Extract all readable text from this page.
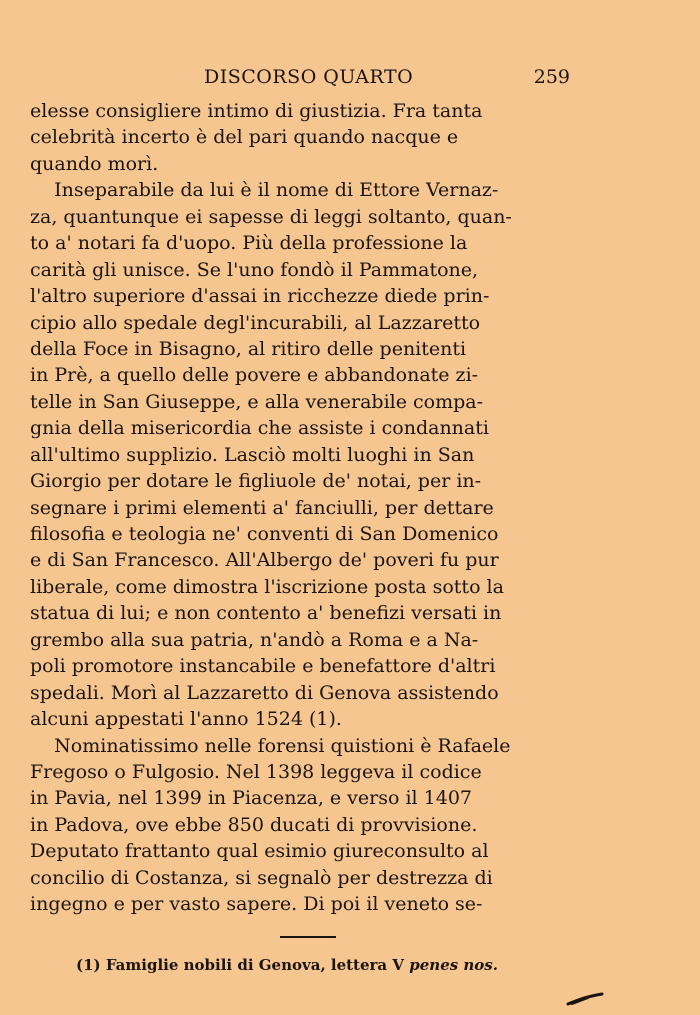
DISCORSO QUARTO	259
elesse consigliere intimo di giustizia. Fra tanta
celebrità incerto è del pari quando nacque e
quando morì.
Inseparabile da lui è il nome di Ettore Vernaz-
za, quantunque ei sapesse di leggi soltanto, quan-
to a' notari fa d'uopo. Più della professione la
carità gli unisce. Se l'uno fondò il Pammatone,
l'altro superiore d'assai in ricchezze diede prin-
cipio allo spedale degl'incurabili, al Lazzaretto
della Foce in Bisagno, al ritiro delle penitenti
in Prè, a quello delle povere e abbandonate zi-
telle in San Giuseppe, e alla venerabile compa-
gnia della misericordia che assiste i condannati
all'ultimo supplizio. Lasciò molti luoghi in San
Giorgio per dotare le figliuole de' notai, per in-
segnare i primi elementi a' fanciulli, per dettare
filosofia e teologia ne' conventi di San Domenico
e di San Francesco. All'Albergo de' poveri fu pur
liberale, come dimostra l'iscrizione posta sotto la
statua di lui; e non contento a' benefizi versati in
grembo alla sua patria, n'andò a Roma e a Na-
poli promotore instancabile e benefattore d'altri
spedali. Morì al Lazzaretto di Genova assistendo
alcuni appestati l'anno 1524 (1).
Nominatissimo nelle forensi quistioni è Rafaele
Fregoso o Fulgosio. Nel 1398 leggeva il codice
in Pavia, nel 1399 in Piacenza, e verso il 1407
in Padova, ove ebbe 850 ducati di provvisione.
Deputato frattanto qual esimio giureconsulto al
concilio di Costanza, si segnalò per destrezza di
ingegno e per vasto sapere. Di poi il veneto se-
(1) Famiglie nobili di Genova, lettera V penes nos.
